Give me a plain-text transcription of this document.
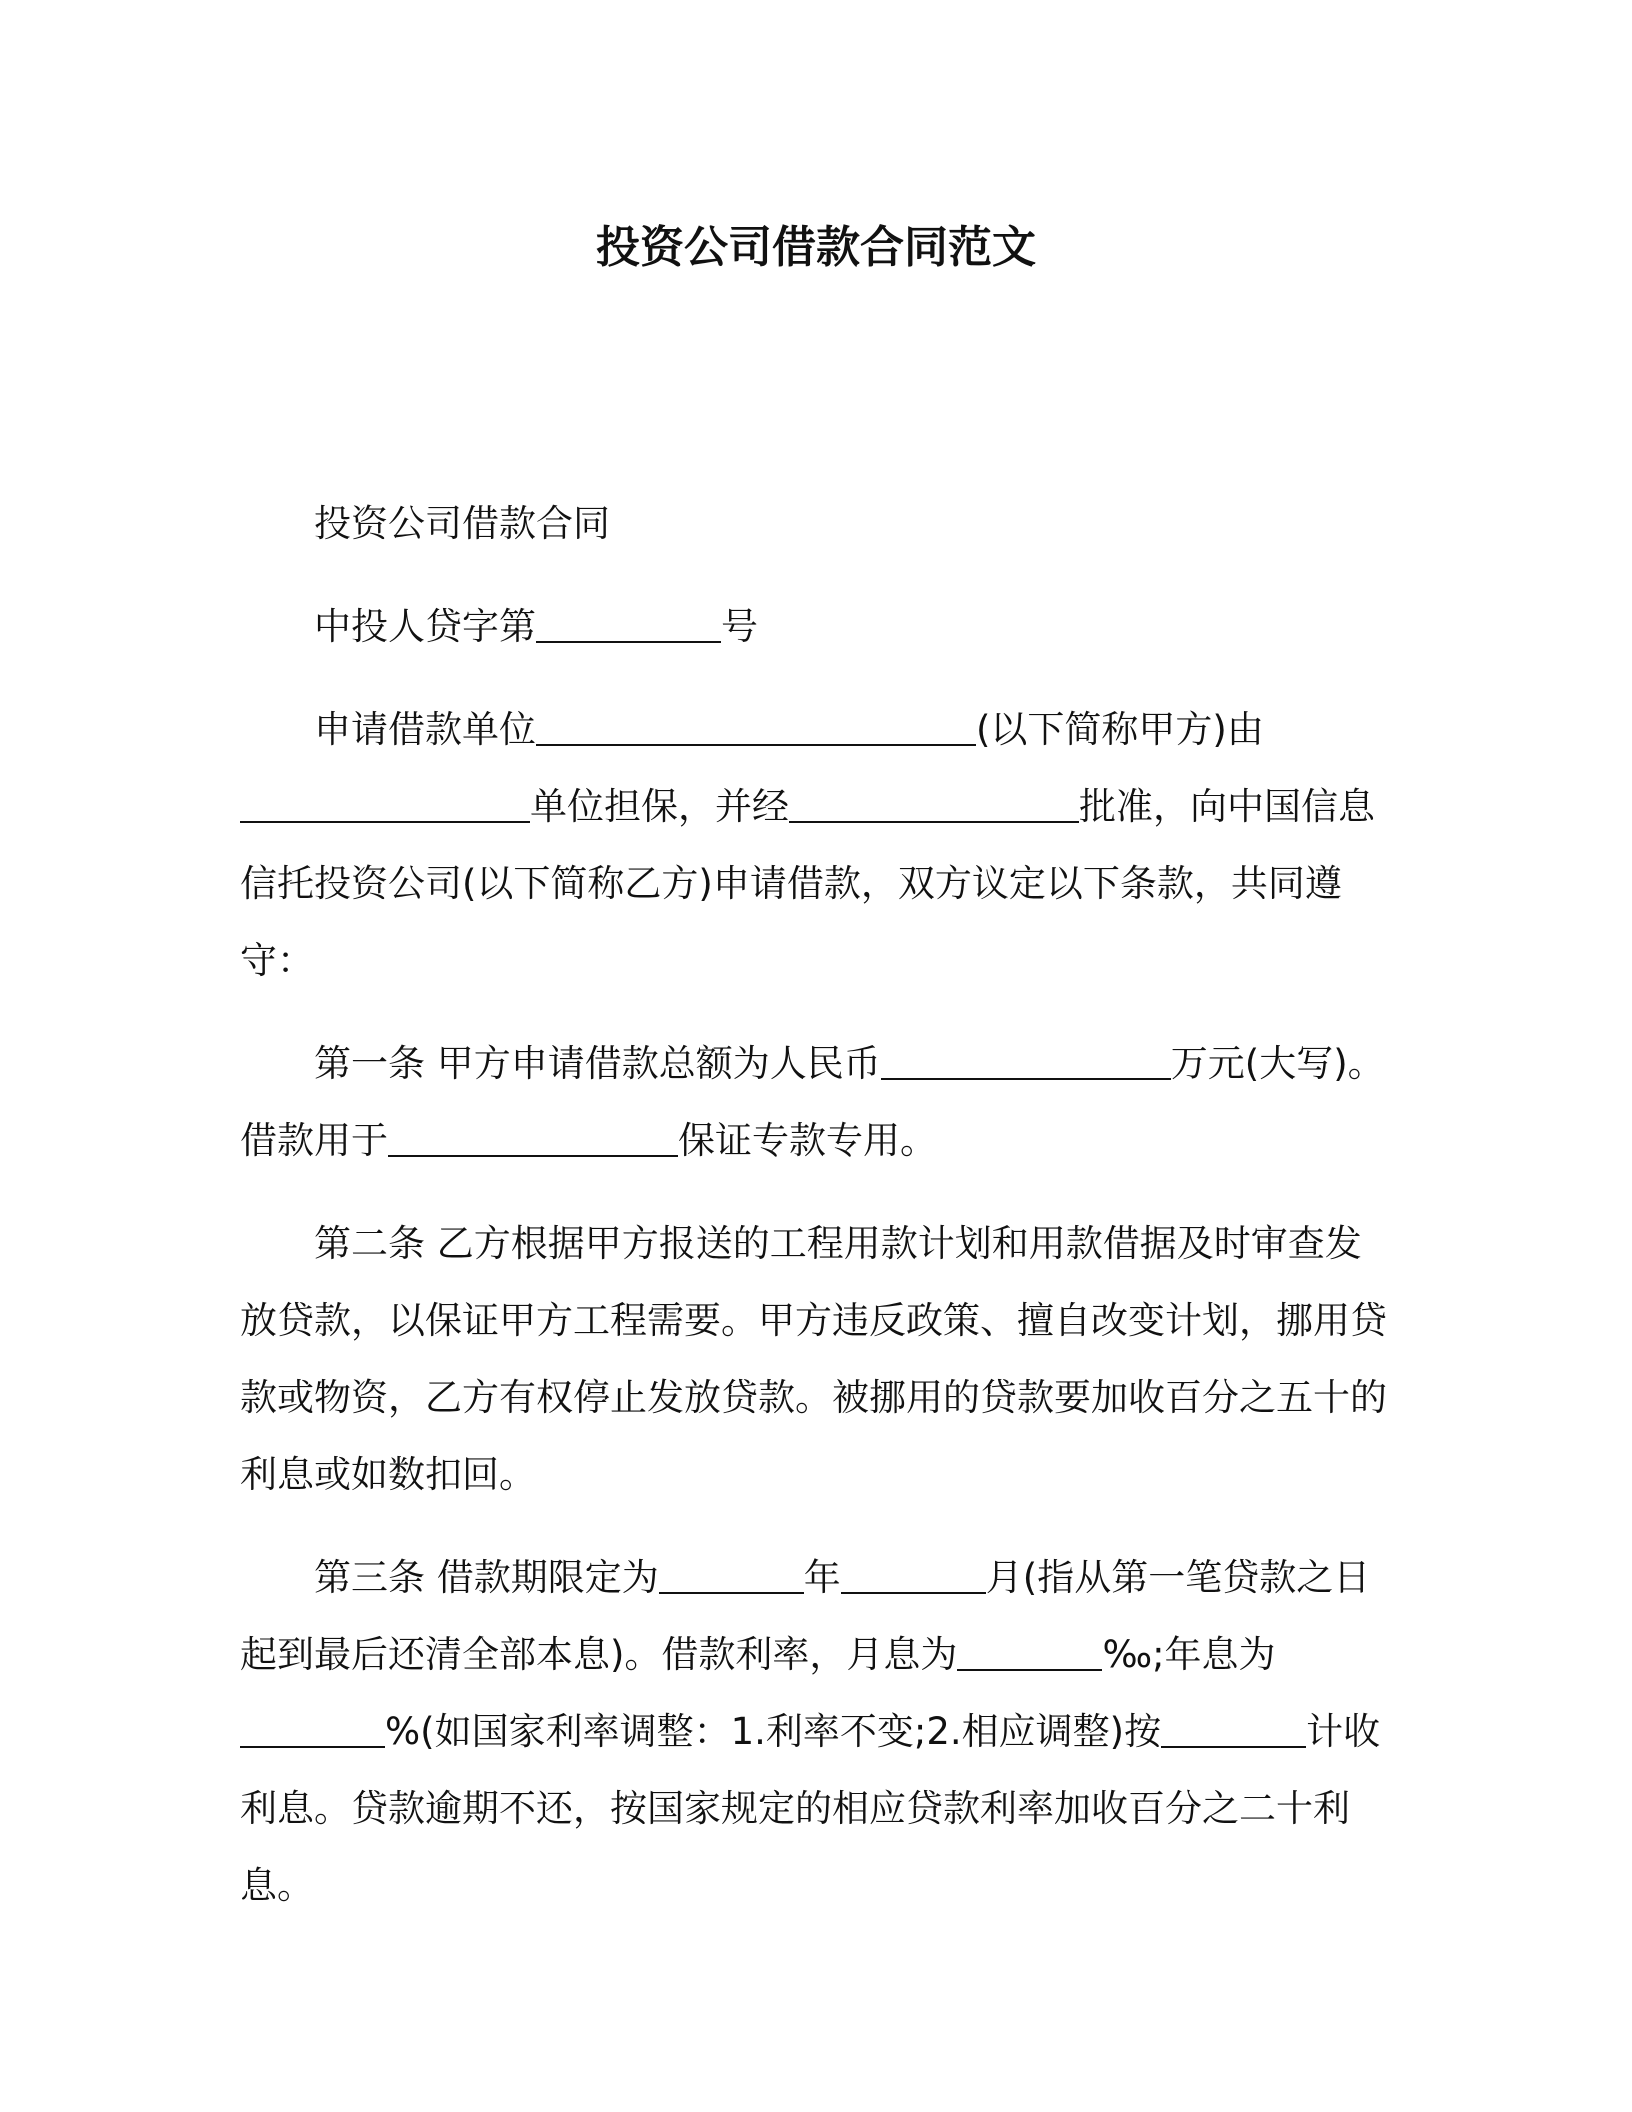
投资公司借款合同范文

投资公司借款合同

中投人贷字第	号

申请借款单位	(以下简称甲方)由单位担保，并经	批准，向中国信息信托投资公司(以下简称乙方)申请借款，双方议定以下条款，共同遵守：

第一条 甲方申请借款总额为人民币	万元(大写)。借款用于	保证专款专用。

第二条 乙方根据甲方报送的工程用款计划和用款借据及时审查发放贷款，以保证甲方工程需要。甲方违反政策、擅自改变计划，挪用贷款或物资，乙方有权停止发放贷款。被挪用的贷款要加收百分之五十的利息或如数扣回。

第三条 借款期限定为	年	月(指从第一笔贷款之日起到最后还清全部本息)。借款利率，月息为	‰;年息为%(如国家利率调整：1.利率不变;2.相应调整)按	计收利息。贷款逾期不还，按国家规定的相应贷款利率加收百分之二十利息。
